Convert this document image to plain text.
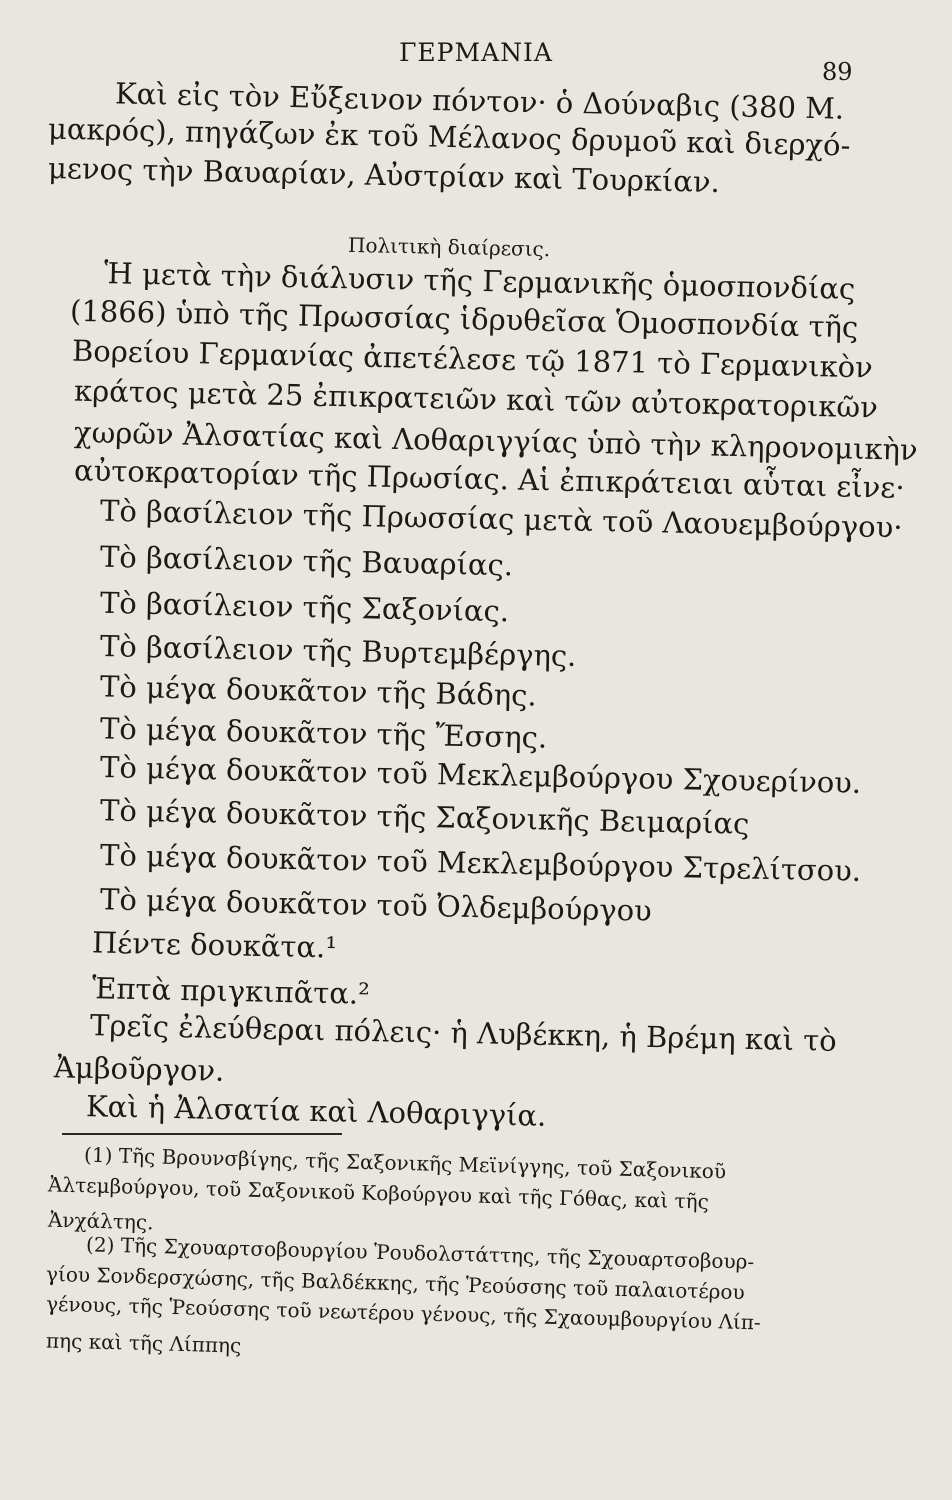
ΓΕΡΜΑΝΙΑ
89
Καὶ εἰς τὸν Εὔξεινον πόντον· ὁ Δούναβις (380 Μ.
μακρός), πηγάζων ἐκ τοῦ Μέλανος δρυμοῦ καὶ διερχό-
μενος τὴν Βαυαρίαν, Αὐστρίαν καὶ Τουρκίαν.
Πολιτικὴ διαίρεσις.
Ἡ μετὰ τὴν διάλυσιν τῆς Γερμανικῆς ὁμοσπονδίας
(1866) ὑπὸ τῆς Πρωσσίας ἱδρυθεῖσα Ὁμοσπονδία τῆς
Βορείου Γερμανίας ἀπετέλεσε τῷ 1871 τὸ Γερμανικὸν
κράτος μετὰ 25 ἐπικρατειῶν καὶ τῶν αὐτοκρατορικῶν
χωρῶν Ἀλσατίας καὶ Λοθαριγγίας ὑπὸ τὴν κληρονομικὴν
αὐτοκρατορίαν τῆς Πρωσίας. Αἱ ἐπικράτειαι αὗται εἶνε·
Τὸ βασίλειον τῆς Πρωσσίας μετὰ τοῦ Λαουεμβούργου·
Τὸ βασίλειον τῆς Βαυαρίας.
Τὸ βασίλειον τῆς Σαξονίας.
Τὸ βασίλειον τῆς Βυρτεμβέργης.
Τὸ μέγα δουκᾶτον τῆς Βάδης.
Τὸ μέγα δουκᾶτον τῆς Ἔσσης.
Τὸ μέγα δουκᾶτον τοῦ Μεκλεμβούργου Σχουερίνου.
Τὸ μέγα δουκᾶτον τῆς Σαξονικῆς Βειμαρίας
Τὸ μέγα δουκᾶτον τοῦ Μεκλεμβούργου Στρελίτσου.
Τὸ μέγα δουκᾶτον τοῦ Ὀλδεμβούργου
Πέντε δουκᾶτα.¹
Ἑπτὰ πριγκιπᾶτα.²
Τρεῖς ἐλεύθεραι πόλεις· ἡ Λυβέκκη, ἡ Βρέμη καὶ τὸ
Ἀμβοῦργον.
Καὶ ἡ Ἀλσατία καὶ Λοθαριγγία.
(1) Τῆς Βρουνσβίγης, τῆς Σαξονικῆς Μεϊνίγγης, τοῦ Σαξονικοῦ
Ἀλτεμβούργου, τοῦ Σαξονικοῦ Κοβούργου καὶ τῆς Γόθας, καὶ τῆς
Ἀνχάλτης.
(2) Τῆς Σχουαρτσοβουργίου Ῥουδολστάττης, τῆς Σχουαρτσοβουρ-
γίου Σονδερσχώσης, τῆς Βαλδέκκης, τῆς Ῥεούσσης τοῦ παλαιοτέρου
γένους, τῆς Ῥεούσσης τοῦ νεωτέρου γένους, τῆς Σχαουμβουργίου Λίπ-
πης καὶ τῆς Λίππης
